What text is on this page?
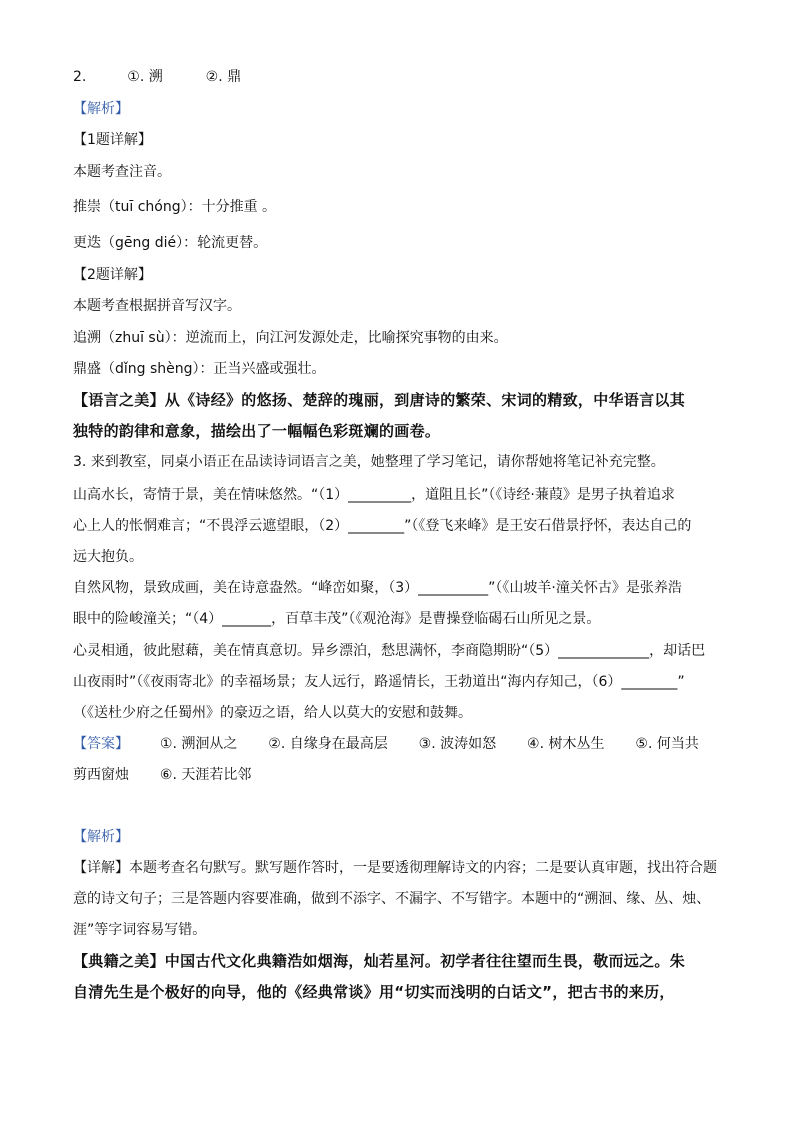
2.	①. 溯	②. 鼎
【解析】
【1题详解】
本题考查注音。
推崇（tuī chóng）：十分推重 。
更迭（gēng dié）：轮流更替。
【2题详解】
本题考查根据拼音写汉字。
追溯（zhuī sù）：逆流而上，向江河发源处走，比喻探究事物的由来。
鼎盛（dǐng shèng）：正当兴盛或强壮。
【语言之美】从《诗经》的悠扬、楚辞的瑰丽，到唐诗的繁荣、宋词的精致，中华语言以其
独特的韵律和意象，描绘出了一幅幅色彩斑斓的画卷。
3. 来到教室，同桌小语正在品读诗词语言之美，她整理了学习笔记，请你帮她将笔记补充完整。
山高水长，寄情于景，美在情味悠然。“（1）_________，道阻且长”（《诗经·蒹葭》是男子执着追求
心上人的怅惘难言；“不畏浮云遮望眼，（2）________”（《登飞来峰》是王安石借景抒怀，表达自己的
远大抱负。
自然风物，景致成画，美在诗意盎然。“峰峦如聚，（3）__________”（《山坡羊·潼关怀古》是张养浩
眼中的险峻潼关；“（4）_______，百草丰茂”（《观沧海》是曹操登临碣石山所见之景。
心灵相通，彼此慰藉，美在情真意切。异乡漂泊，愁思满怀，李商隐期盼“（5）_____________，却话巴
山夜雨时”（《夜雨寄北》的幸福场景；友人远行，路遥情长，王勃道出“海内存知己，（6）________”
（《送杜少府之任蜀州》的豪迈之语，给人以莫大的安慰和鼓舞。
【答案】 ①. 溯洄从之 ②. 自缘身在最高层 ③. 波涛如怒 ④. 树木丛生 ⑤. 何当共
剪西窗烛 ⑥. 天涯若比邻
【解析】
【详解】本题考查名句默写。默写题作答时，一是要透彻理解诗文的内容；二是要认真审题，找出符合题
意的诗文句子；三是答题内容要准确，做到不添字、不漏字、不写错字。本题中的“溯洄、缘、丛、烛、
涯”等字词容易写错。
【典籍之美】中国古代文化典籍浩如烟海，灿若星河。初学者往往望而生畏，敬而远之。朱
自清先生是个极好的向导，他的《经典常谈》用“切实而浅明的白话文”，把古书的来历，
